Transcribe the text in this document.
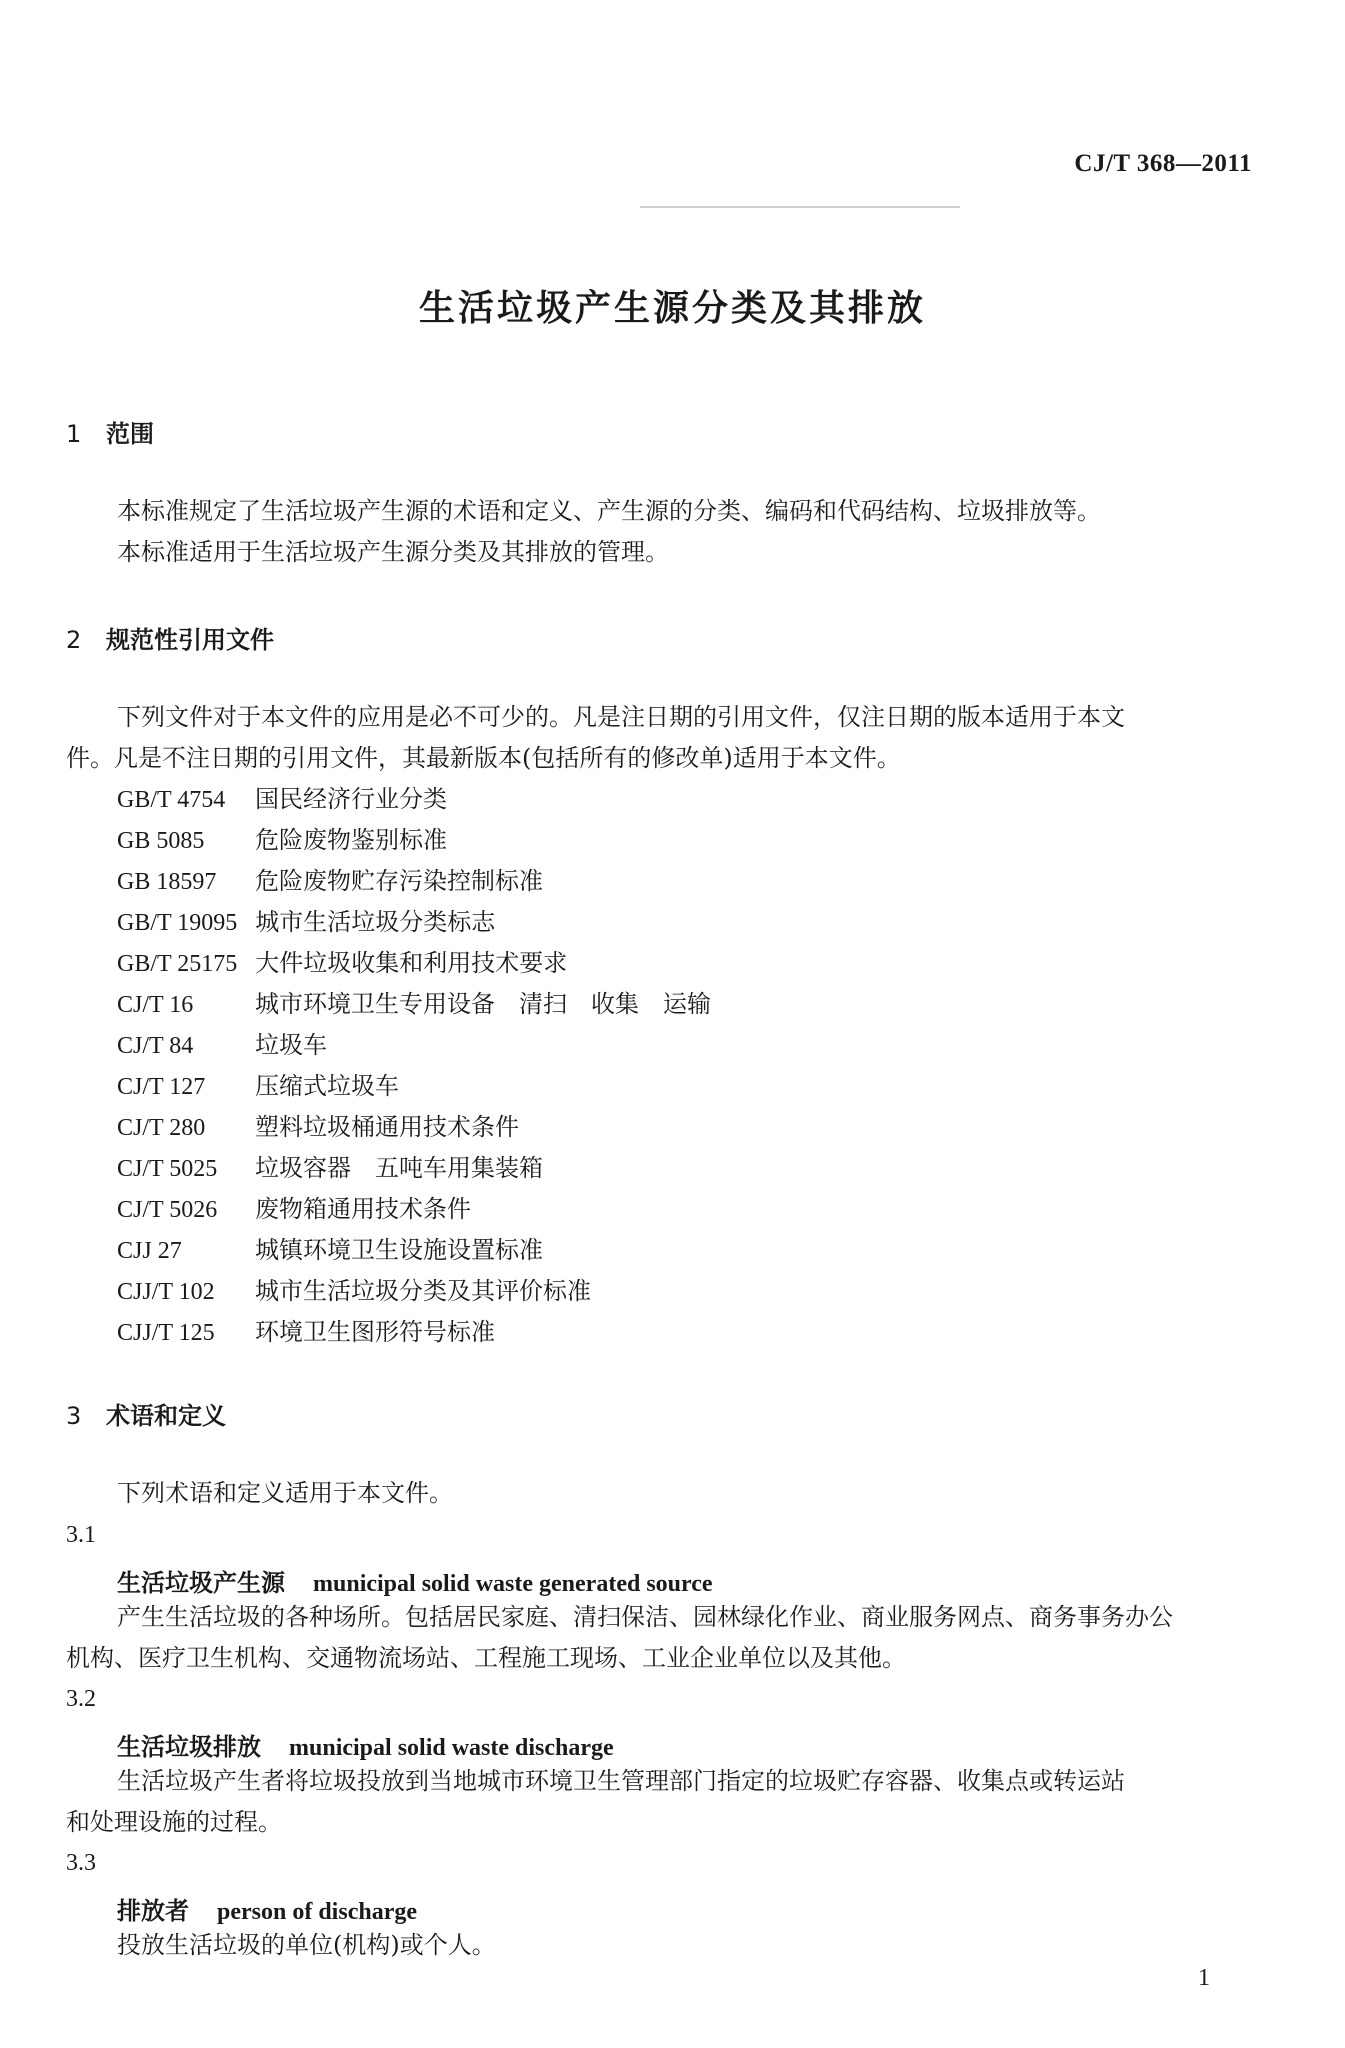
CJ/T 368—2011
生活垃圾产生源分类及其排放
1 范围
本标准规定了生活垃圾产生源的术语和定义、产生源的分类、编码和代码结构、垃圾排放等。
本标准适用于生活垃圾产生源分类及其排放的管理。
2 规范性引用文件
下列文件对于本文件的应用是必不可少的。凡是注日期的引用文件，仅注日期的版本适用于本文
件。凡是不注日期的引用文件，其最新版本(包括所有的修改单)适用于本文件。
GB/T 4754 国民经济行业分类
GB 5085 危险废物鉴别标准
GB 18597 危险废物贮存污染控制标准
GB/T 19095 城市生活垃圾分类标志
GB/T 25175 大件垃圾收集和利用技术要求
CJ/T 16	城市环境卫生专用设备　清扫　收集　运输
CJ/T 84	垃圾车
CJ/T 127 压缩式垃圾车
CJ/T 280 塑料垃圾桶通用技术条件
CJ/T 5025 垃圾容器　五吨车用集装箱
CJ/T 5026 废物箱通用技术条件
CJJ 27	城镇环境卫生设施设置标准
CJJ/T 102 城市生活垃圾分类及其评价标准
CJJ/T 125 环境卫生图形符号标准
3 术语和定义
下列术语和定义适用于本文件。
3.1
生活垃圾产生源 municipal solid waste generated source
产生生活垃圾的各种场所。包括居民家庭、清扫保洁、园林绿化作业、商业服务网点、商务事务办公
机构、医疗卫生机构、交通物流场站、工程施工现场、工业企业单位以及其他。
3.2
生活垃圾排放 municipal solid waste discharge
生活垃圾产生者将垃圾投放到当地城市环境卫生管理部门指定的垃圾贮存容器、收集点或转运站
和处理设施的过程。
3.3
排放者 person of discharge
投放生活垃圾的单位(机构)或个人。
1
